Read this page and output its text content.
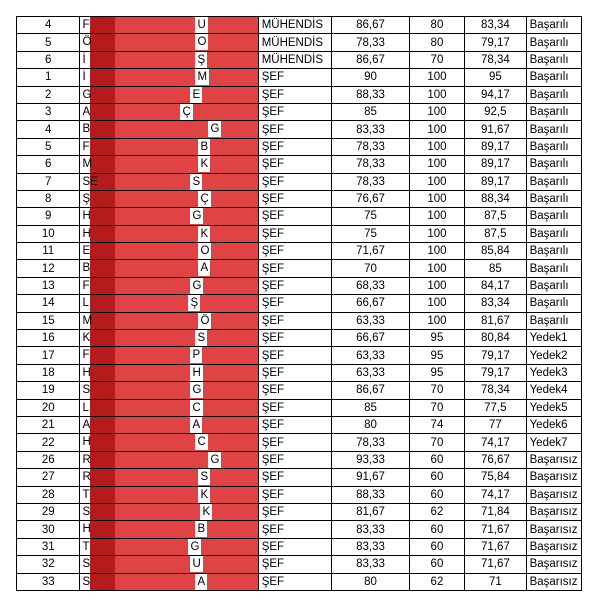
4	F U	MÜHENDİS	86,67	80	83,34	Başarılı
5	Ö O	MÜHENDİS	78,33	80	79,17	Başarılı
6	İ Ş	MÜHENDİS	86,67	70	78,34	Başarılı
1	İ M	ŞEF	90	100	95	Başarılı
2	G E	ŞEF	88,33	100	94,17	Başarılı
3	A Ç	ŞEF	85	100	92,5	Başarılı
4	B G	ŞEF	83,33	100	91,67	Başarılı
5	F B	ŞEF	78,33	100	89,17	Başarılı
6	M K	ŞEF	78,33	100	89,17	Başarılı
7	SE S	ŞEF	78,33	100	89,17	Başarılı
8	Ş Ç	ŞEF	76,67	100	88,34	Başarılı
9	H G	ŞEF	75	100	87,5	Başarılı
10	H K	ŞEF	75	100	87,5	Başarılı
11	E O	ŞEF	71,67	100	85,84	Başarılı
12	B A	ŞEF	70	100	85	Başarılı
13	F G	ŞEF	68,33	100	84,17	Başarılı
14	L Ş	ŞEF	66,67	100	83,34	Başarılı
15	M Ö	ŞEF	63,33	100	81,67	Başarılı
16	K S	ŞEF	66,67	95	80,84	Yedek1
17	F P	ŞEF	63,33	95	79,17	Yedek2
18	H H	ŞEF	63,33	95	79,17	Yedek3
19	S G	ŞEF	86,67	70	78,34	Yedek4
20	L C	ŞEF	85	70	77,5	Yedek5
21	A A	ŞEF	80	74	77	Yedek6
22	H C	ŞEF	78,33	70	74,17	Yedek7
26	R G	ŞEF	93,33	60	76,67	Başarısız
27	R S	ŞEF	91,67	60	75,84	Başarısız
28	T K	ŞEF	88,33	60	74,17	Başarısız
29	S K	ŞEF	81,67	62	71,84	Başarısız
30	H B	ŞEF	83,33	60	71,67	Başarısız
31	T G	ŞEF	83,33	60	71,67	Başarısız
32	S U	ŞEF	83,33	60	71,67	Başarısız
33	S A	ŞEF	80	62	71	Başarısız
